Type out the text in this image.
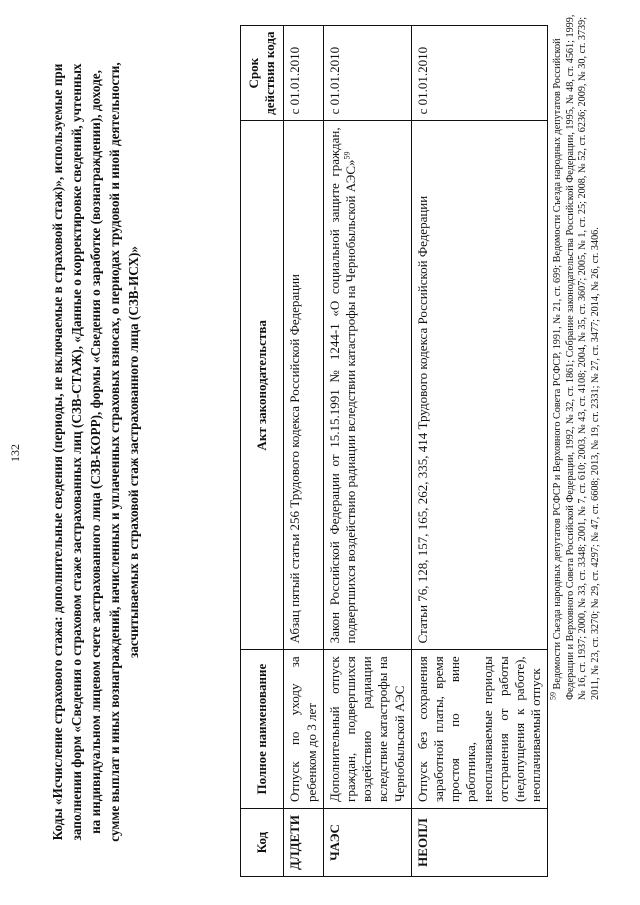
132 Коды «Исчисление страхового стажа: дополнительные сведения (периоды, не включаемые в страховой стаж)», используемые при заполнении форм «Сведения о страховом стаже застрахованных лиц (СЗВ-СТАЖ), «Данные о корректировке сведений, учтенных на индивидуальном лицевом счете застрахованного лица (СЗВ-КОРР), формы «Сведения о заработке (вознаграждении), доходе, сумме выплат и иных вознаграждений, начисленных и уплаченных страховых взносах, о периодах трудовой и иной деятельности, засчитываемых в страховой стаж застрахованного лица (СЗВ-ИСХ)»

Код	Полное наименование	Акт законодательства	Срок действия кода
ДЛДЕТИ	Отпуск по уходу за ребенком до 3 лет	Абзац пятый статьи 256 Трудового кодекса Российской Федерации	с 01.01.2010
ЧАЭС	Дополнительный отпуск граждан, подвергшихся воздействию радиации вследствие катастрофы на Чернобыльской АЭС	Закон Российской Федерации от 15.15.1991 № 1244-1 «О социальной защите граждан, подвергшихся воздействию радиации вследствии катастрофы на Чернобыльской АЭС»$^{59}$	с 01.01.2010
НЕОПЛ	Отпуск без сохранения заработной платы, время простоя по вине работника, неоплачиваемые периоды отстранения от работы (недопущения к работе), неоплачиваемый отпуск	Статьи 76, 128, 157, 165, 262, 335, 414 Трудового кодекса Российской Федерации	с 01.01.2010

$^{59}$ Ведомости Съезда народных депутатов РСФСР и Верховного Совета РСФСР, 1991, № 21, ст. 699; Ведомости Съезда народных депутатов Российской Федерации и Верховного Совета Российской Федерации, 1992, № 32, ст. 1861; Собрание законодательства Российской Федерации, 1995, № 48, ст. 4561; 1999, № 16, ст. 1937; 2000, № 33, ст. 3348; 2001, № 7, ст. 610; 2003, № 43, ст. 4108; 2004, № 35, ст. 3607; 2005, № 1, ст. 25; 2008, № 52, ст. 6236; 2009, № 30, ст. 3739; 2011, № 23, ст. 3270; № 29, ст. 4297; № 47, ст. 6608; 2013, № 19, ст. 2331; № 27, ст. 3477; 2014, № 26, ст. 3406.
